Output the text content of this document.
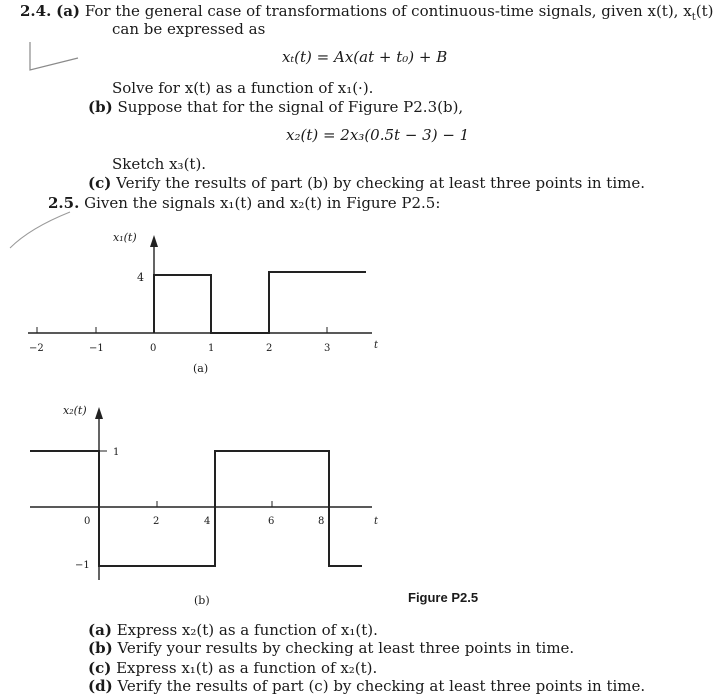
2.4. (a) For the general case of transformations of continuous-time signals, given x(t), $x_t(t)$
can be expressed as
xₜ(t) = Ax(at + t₀) + B
Solve for x(t) as a function of x₁(·).
(b) Suppose that for the signal of Figure P2.3(b),
x₂(t) = 2x₃(0.5t − 3) − 1
Sketch x₃(t).
(c) Verify the results of part (b) by checking at least three points in time.
2.5. Given the signals x₁(t) and x₂(t) in Figure P2.5:
x₁(t)
4
−2	−1	0	1	2	3	t
(a)
x₂(t)
1
−1
0	2	4	6	8	t
(b)	Figure P2.5
(a) Express x₂(t) as a function of x₁(t).
(b) Verify your results by checking at least three points in time.
(c) Express x₁(t) as a function of x₂(t).
(d) Verify the results of part (c) by checking at least three points in time.
